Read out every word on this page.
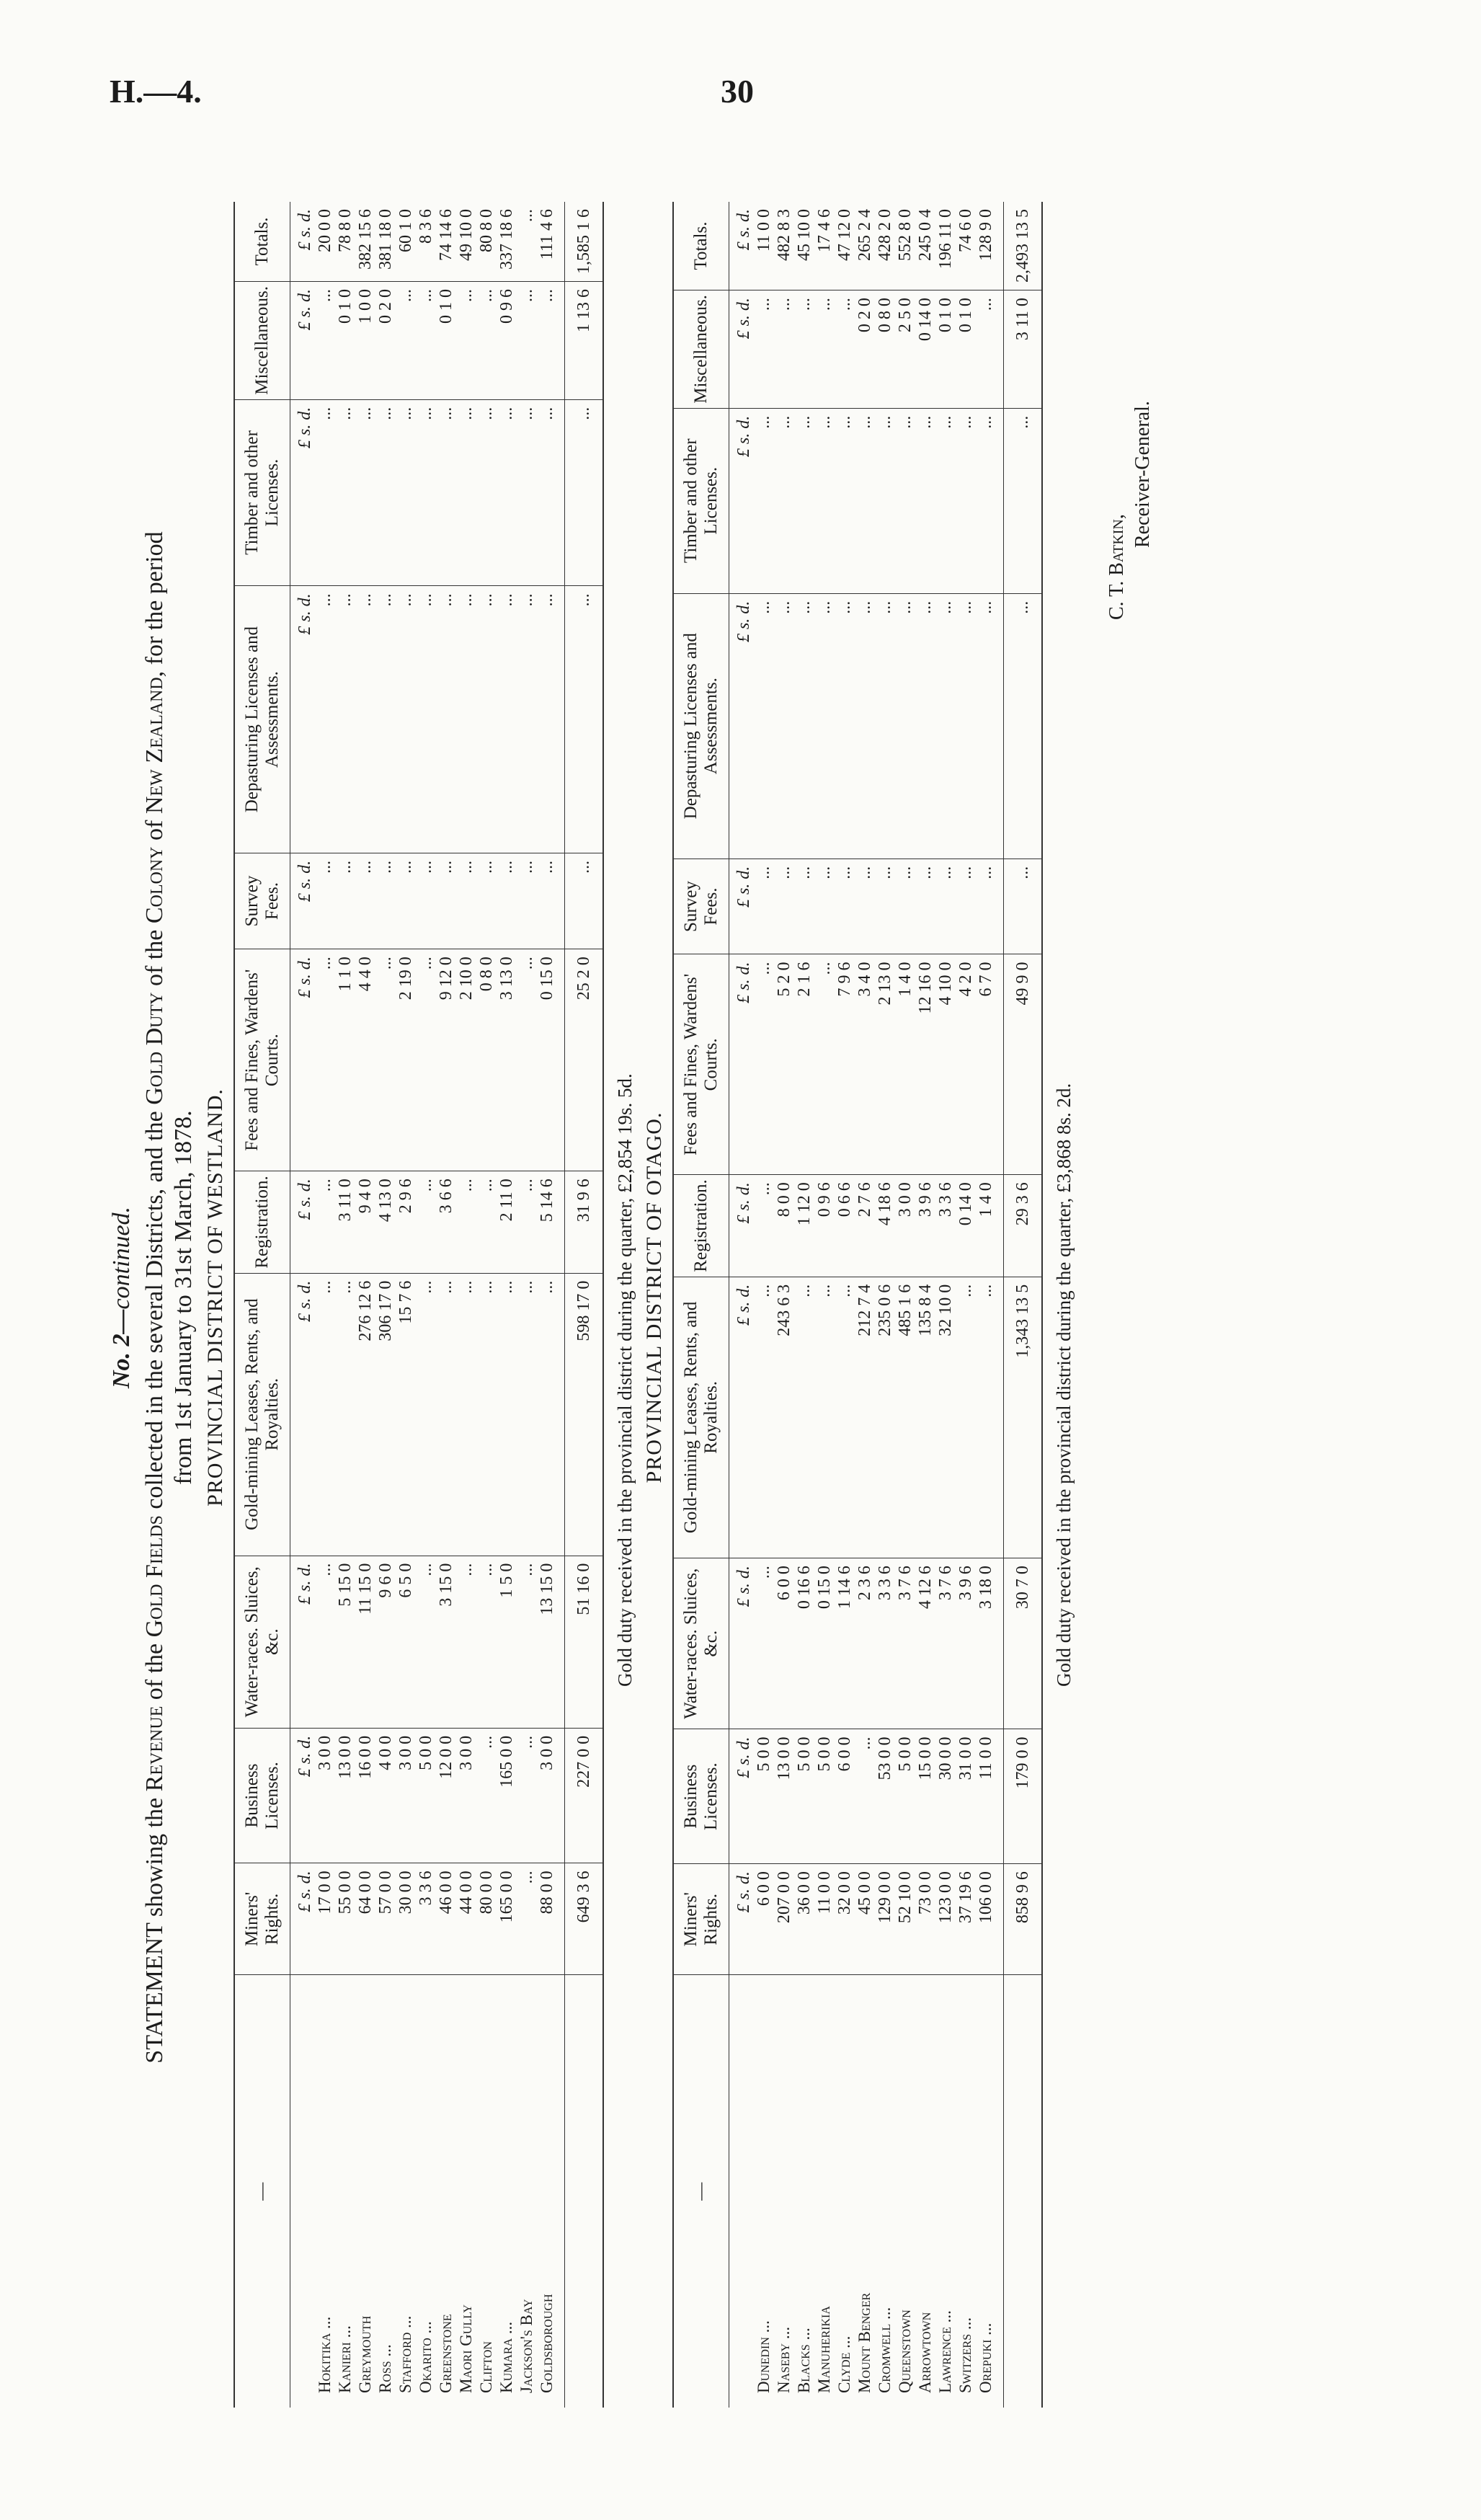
H.—4.	30
No. 2—continued.
STATEMENT showing the Revenue of the Gold Fields collected in the several Districts, and the Gold Duty of the Colony of New Zealand, for the period
from 1st January to 31st March, 1878. PROVINCIAL DISTRICT OF WESTLAND.
—	Miners' Rights.	Business Licenses.	Water-races. Sluices, &c.	Gold-mining Leases, Rents, and Royalties.	Registration.	Fees and Fines, Wardens' Courts.	Survey Fees.	Depasturing Licenses and Assessments.	Timber and other Licenses.	Miscellaneous.	Totals.
	£ s. d.	£ s. d.	£ s. d.	£ s. d.	£ s. d.	£ s. d.	£ s. d.	£ s. d.	£ s. d.	£ s. d.	£ s. d.
Hokitika ...	17 0 0	3 0 0	...	...	...	...	...	...	...	...	20 0 0
Kanieri ...	55 0 0	13 0 0	5 15 0	...	3 11 0	1 1 0	...	...	...	0 1 0	78 8 0
Greymouth	64 0 0	16 0 0	11 15 0	276 12 6	9 4 0	4 4 0	...	...	...	1 0 0	382 15 6
Ross ...	57 0 0	4 0 0	9 6 0	306 17 0	4 13 0	...	...	...	...	0 2 0	381 18 0
Stafford ...	30 0 0	3 0 0	6 5 0	15 7 6	2 9 6	2 19 0	...	...	...	...	60 1 0
Okarito ...	3 3 6	5 0 0	...	...	...	...	...	...	...	...	8 3 6
Greenstone	46 0 0	12 0 0	3 15 0	...	3 6 6	9 12 0	...	...	...	0 1 0	74 14 6
Maori Gully	44 0 0	3 0 0	...	...	...	2 10 0	...	...	...	...	49 10 0
Clifton	80 0 0	...	...	...	...	0 8 0	...	...	...	...	80 8 0
Kumara ...	165 0 0	165 0 0	1 5 0	...	2 11 0	3 13 0	...	...	...	0 9 6	337 18 6
Jackson's Bay	...	...	...	...	...	...	...	...	...	...	...
Goldsborough	88 0 0	3 0 0	13 15 0	...	5 14 6	0 15 0	...	...	...	...	111 4 6
	649 3 6	227 0 0	51 16 0	598 17 0	31 9 6	25 2 0	...	...	...	1 13 6	1,585 1 6
Gold duty received in the provincial district during the quarter, £2,854 19s. 5d. PROVINCIAL DISTRICT OF OTAGO.
—	Miners' Rights.	Business Licenses.	Water-races. Sluices, &c.	Gold-mining Leases, Rents, and Royalties.	Registration.	Fees and Fines, Wardens' Courts.	Survey Fees.	Depasturing Licenses and Assessments.	Timber and other Licenses.	Miscellaneous.	Totals.
	£ s. d.	£ s. d.	£ s. d.	£ s. d.	£ s. d.	£ s. d.	£ s. d.	£ s. d.	£ s. d.	£ s. d.	£ s. d.
Dunedin ...	6 0 0	5 0 0	...	...	...	...	...	...	...	...	11 0 0
Naseby ...	207 0 0	13 0 0	6 0 0	243 6 3	8 0 0	5 2 0	...	...	...	...	482 8 3
Blacks ...	36 0 0	5 0 0	0 16 6	...	1 12 0	2 1 6	...	...	...	...	45 10 0
Manuherikia	11 0 0	5 0 0	0 15 0	...	0 9 6	...	...	...	...	...	17 4 6
Clyde ...	32 0 0	6 0 0	1 14 6	...	0 6 6	7 9 6	...	...	...	...	47 12 0
Mount Benger	45 0 0	...	2 3 6	212 7 4	2 7 6	3 4 0	...	...	...	0 2 0	265 2 4
Cromwell ...	129 0 0	53 0 0	3 3 6	235 0 6	4 18 6	2 13 0	...	...	...	0 8 0	428 2 0
Queenstown	52 10 0	5 0 0	3 7 6	485 1 6	3 0 0	1 4 0	...	...	...	2 5 0	552 8 0
Arrowtown	73 0 0	15 0 0	4 12 6	135 8 4	3 9 6	12 16 0	...	...	...	0 14 0	245 0 4
Lawrence ...	123 0 0	30 0 0	3 7 6	32 10 0	3 3 6	4 10 0	...	...	...	0 1 0	196 11 0
Switzers ...	37 19 6	31 0 0	3 9 6	...	0 14 0	4 2 0	...	...	...	0 1 0	74 6 0
Orepuki ...	106 0 0	11 0 0	3 18 0	...	1 4 0	6 7 0	...	...	...	...	128 9 0
	858 9 6	179 0 0	30 7 0	1,343 13 5	29 3 6	49 9 0	...	...	...	3 11 0	2,493 13 5
Gold duty received in the provincial district during the quarter, £3,868 8s. 2d.
C. T. Batkin,
Receiver-General.
